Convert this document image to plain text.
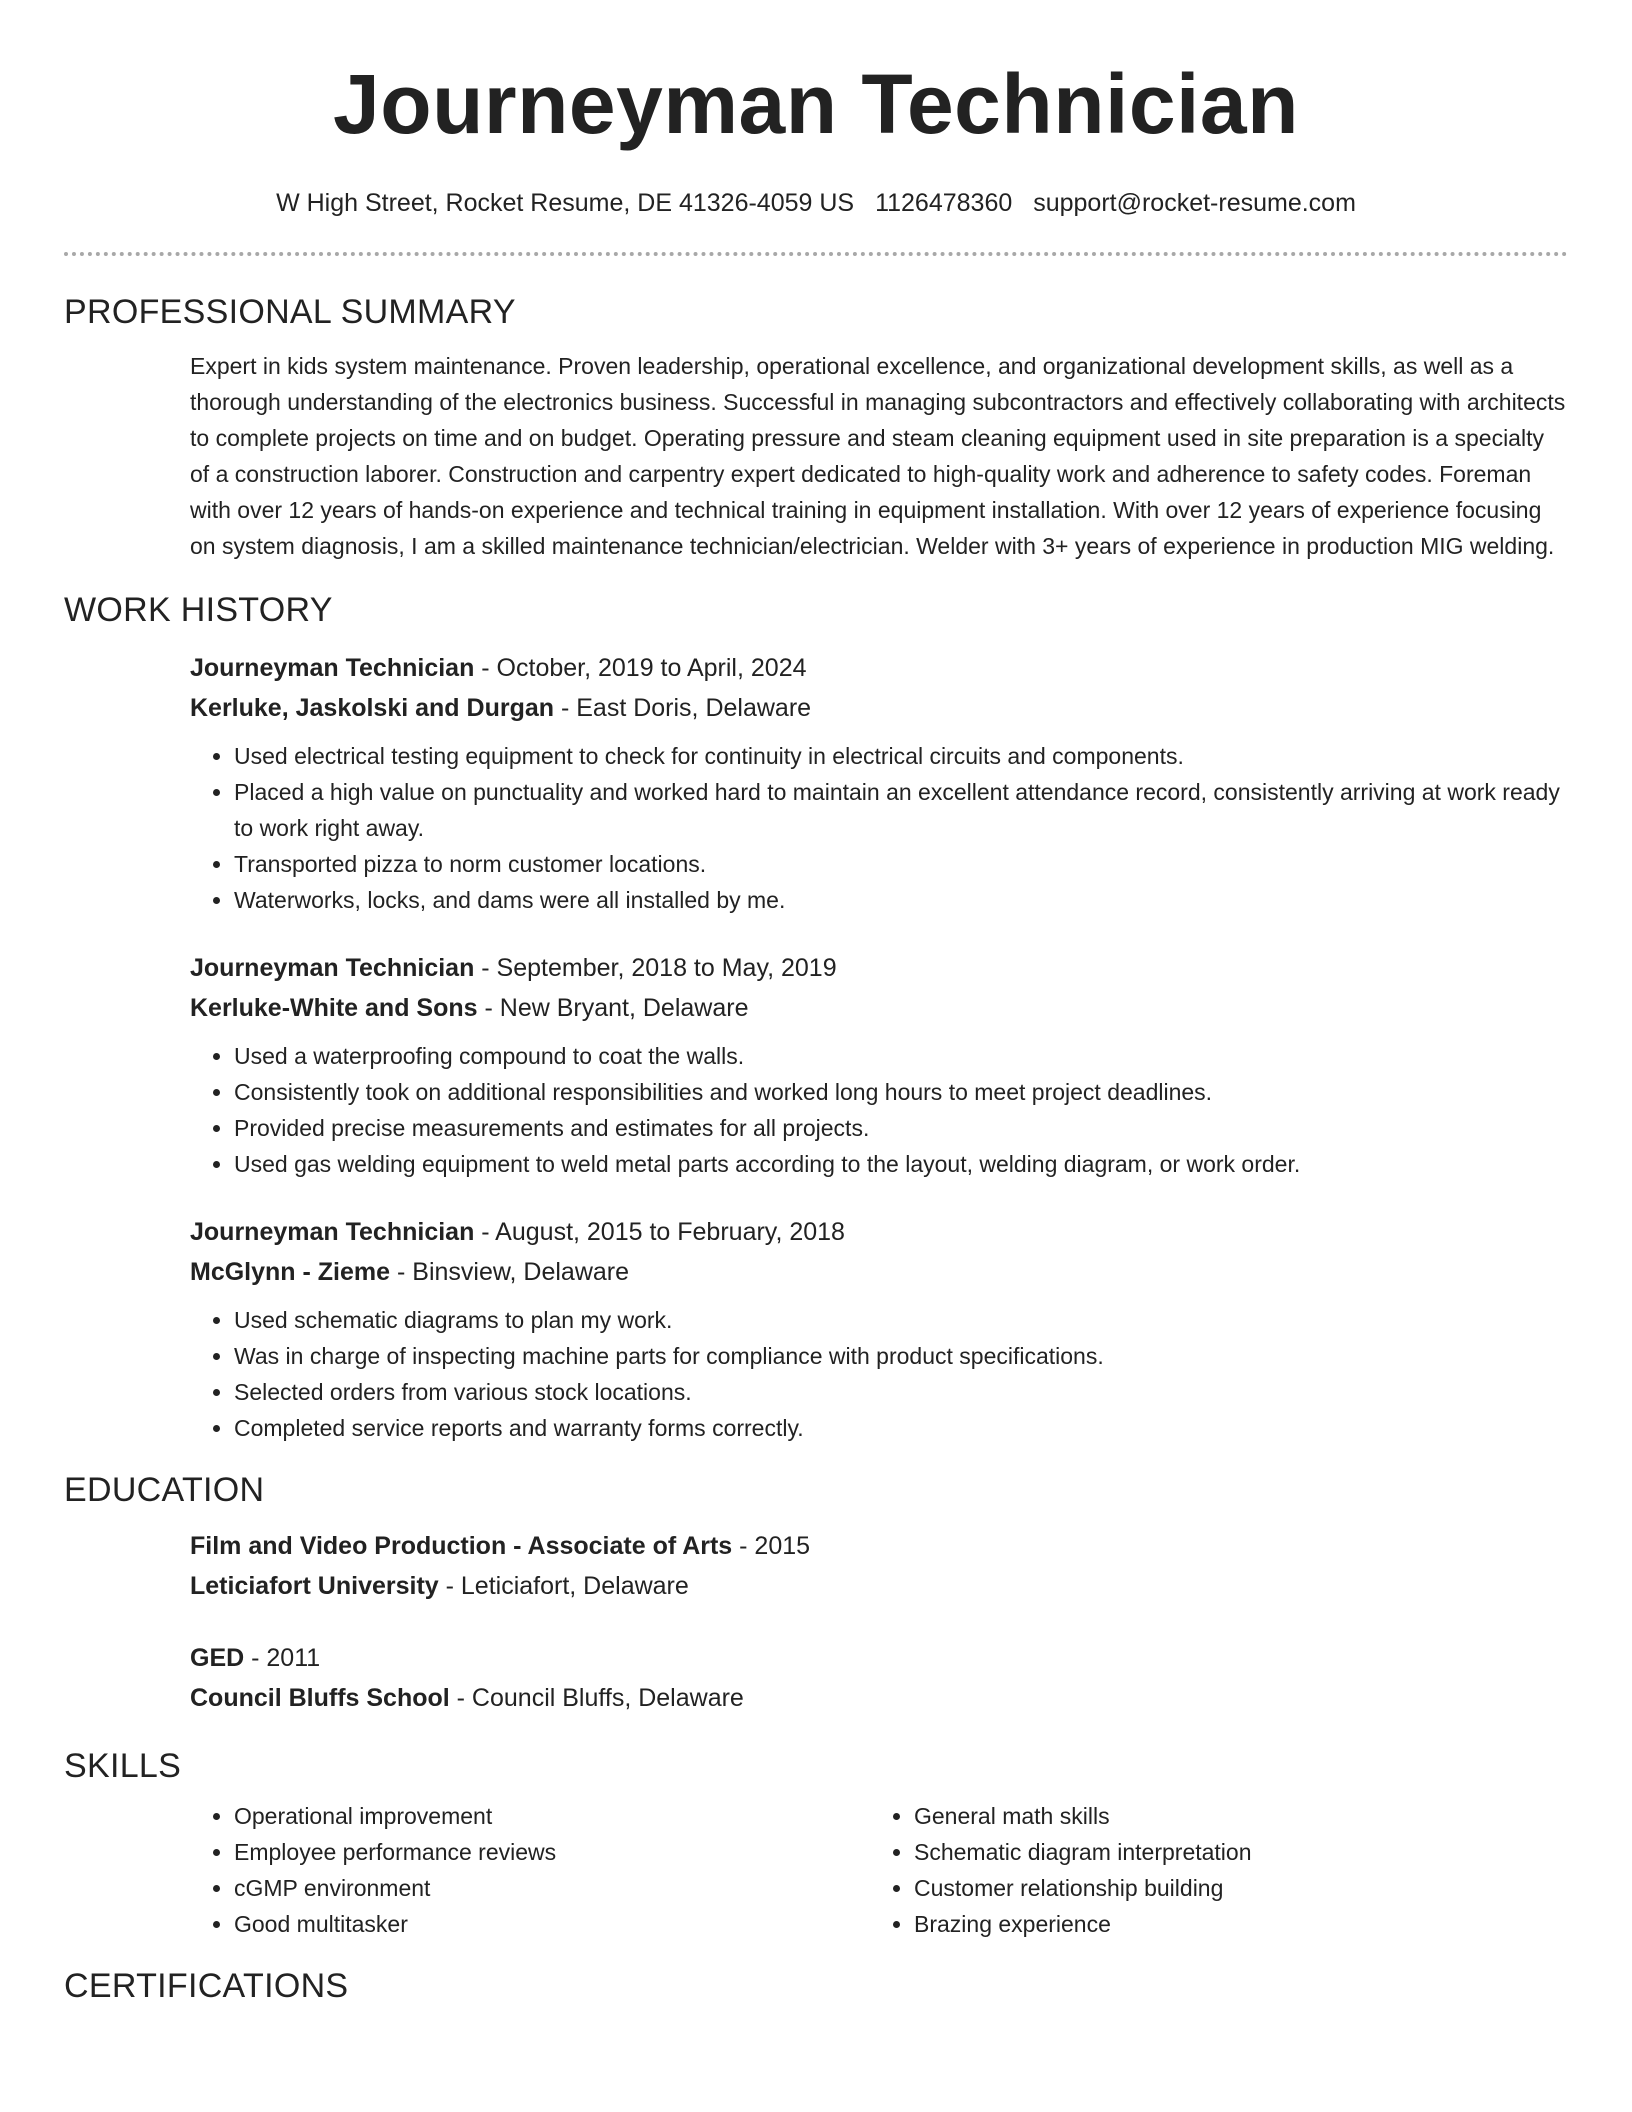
Journeyman Technician
W High Street, Rocket Resume, DE 41326-4059 US 1126478360 support@rocket-resume.com
PROFESSIONAL SUMMARY

Expert in kids system maintenance. Proven leadership, operational excellence, and organizational development skills, as well as a thorough understanding of the electronics business. Successful in managing subcontractors and effectively collaborating with architects to complete projects on time and on budget. Operating pressure and steam cleaning equipment used in site preparation is a specialty of a construction laborer. Construction and carpentry expert dedicated to high-quality work and adherence to safety codes. Foreman with over 12 years of hands-on experience and technical training in equipment installation. With over 12 years of experience focusing on system diagnosis, I am a skilled maintenance technician/electrician. Welder with 3+ years of experience in production MIG welding.

WORK HISTORY

Journeyman Technician - October, 2019 to April, 2024

Kerluke, Jaskolski and Durgan - East Doris, Delaware

• Used electrical testing equipment to check for continuity in electrical circuits and components.
• Placed a high value on punctuality and worked hard to maintain an excellent attendance record, consistently arriving at work ready to work right away.
• Transported pizza to norm customer locations.
• Waterworks, locks, and dams were all installed by me.

Journeyman Technician - September, 2018 to May, 2019

Kerluke-White and Sons - New Bryant, Delaware

• Used a waterproofing compound to coat the walls.
• Consistently took on additional responsibilities and worked long hours to meet project deadlines.
• Provided precise measurements and estimates for all projects.
• Used gas welding equipment to weld metal parts according to the layout, welding diagram, or work order.

Journeyman Technician - August, 2015 to February, 2018

McGlynn - Zieme - Binsview, Delaware

• Used schematic diagrams to plan my work.
• Was in charge of inspecting machine parts for compliance with product specifications.
• Selected orders from various stock locations.
• Completed service reports and warranty forms correctly.
EDUCATION

Film and Video Production - Associate of Arts - 2015

Leticiafort University - Leticiafort, Delaware

GED - 2011

Council Bluffs School - Council Bluffs, Delaware

SKILLS
• Operational improvement
• Employee performance reviews
• cGMP environment
• Good multitasker
• General math skills
• Schematic diagram interpretation
• Customer relationship building
• Brazing experience
CERTIFICATIONS
